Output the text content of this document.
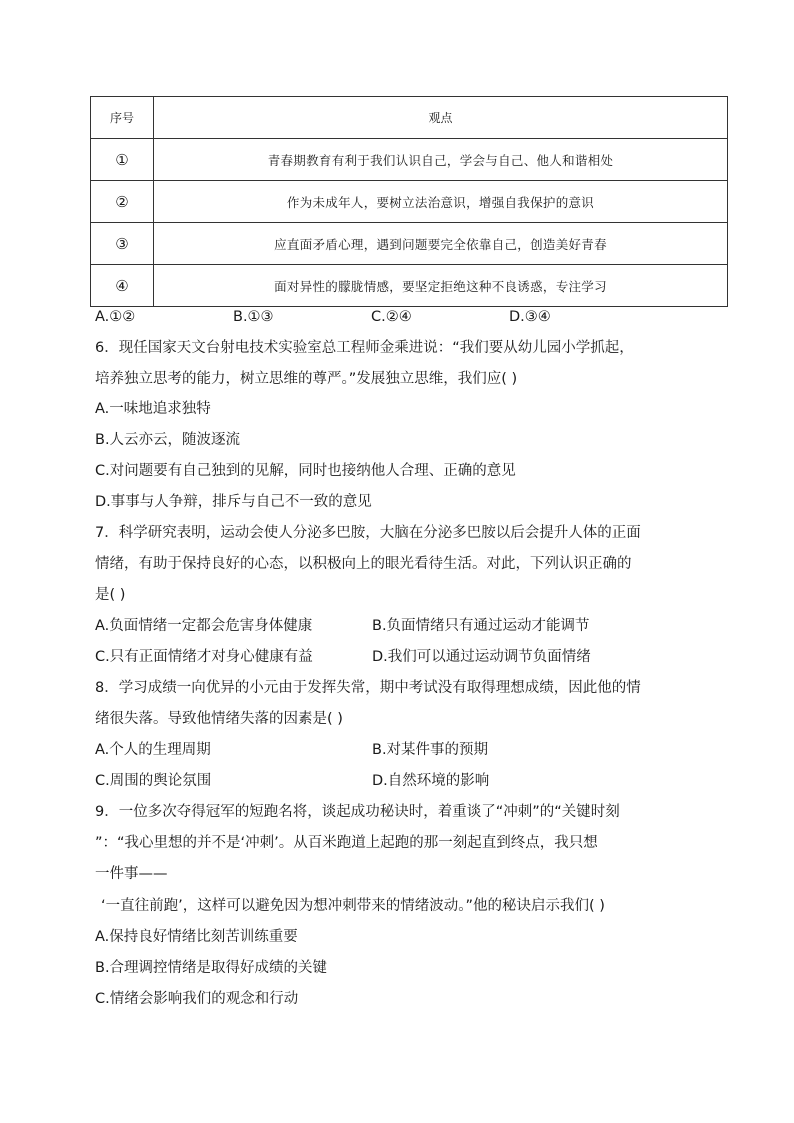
序号	观点
①	青春期教育有利于我们认识自己，学会与自己、他人和谐相处
②	作为未成年人，要树立法治意识，增强自我保护的意识
③	应直面矛盾心理，遇到问题要完全依靠自己，创造美好青春
④	面对异性的朦胧情感，要坚定拒绝这种不良诱惑，专注学习
A.①②	B.①③	C.②④	D.③④
6．现任国家天文台射电技术实验室总工程师金乘进说：“我们要从幼儿园小学抓起，
培养独立思考的能力，树立思维的尊严。”发展独立思维，我们应( )
A.一味地追求独特
B.人云亦云，随波逐流
C.对问题要有自己独到的见解，同时也接纳他人合理、正确的意见
D.事事与人争辩，排斥与自己不一致的意见
7．科学研究表明，运动会使人分泌多巴胺，大脑在分泌多巴胺以后会提升人体的正面
情绪，有助于保持良好的心态，以积极向上的眼光看待生活。对此，下列认识正确的
是( )
A.负面情绪一定都会危害身体健康	B.负面情绪只有通过运动才能调节
C.只有正面情绪才对身心健康有益	D.我们可以通过运动调节负面情绪
8．学习成绩一向优异的小元由于发挥失常，期中考试没有取得理想成绩，因此他的情
绪很失落。导致他情绪失落的因素是( )
A.个人的生理周期	B.对某件事的预期
C.周围的舆论氛围	D.自然环境的影响
9．一位多次夺得冠军的短跑名将，谈起成功秘诀时，着重谈了“冲刺”的“关键时刻
”：“我心里想的并不是‘冲刺’。从百米跑道上起跑的那一刻起直到终点，我只想
一件事——
‘一直往前跑’，这样可以避免因为想冲刺带来的情绪波动。”他的秘诀启示我们( )
A.保持良好情绪比刻苦训练重要
B.合理调控情绪是取得好成绩的关键
C.情绪会影响我们的观念和行动
